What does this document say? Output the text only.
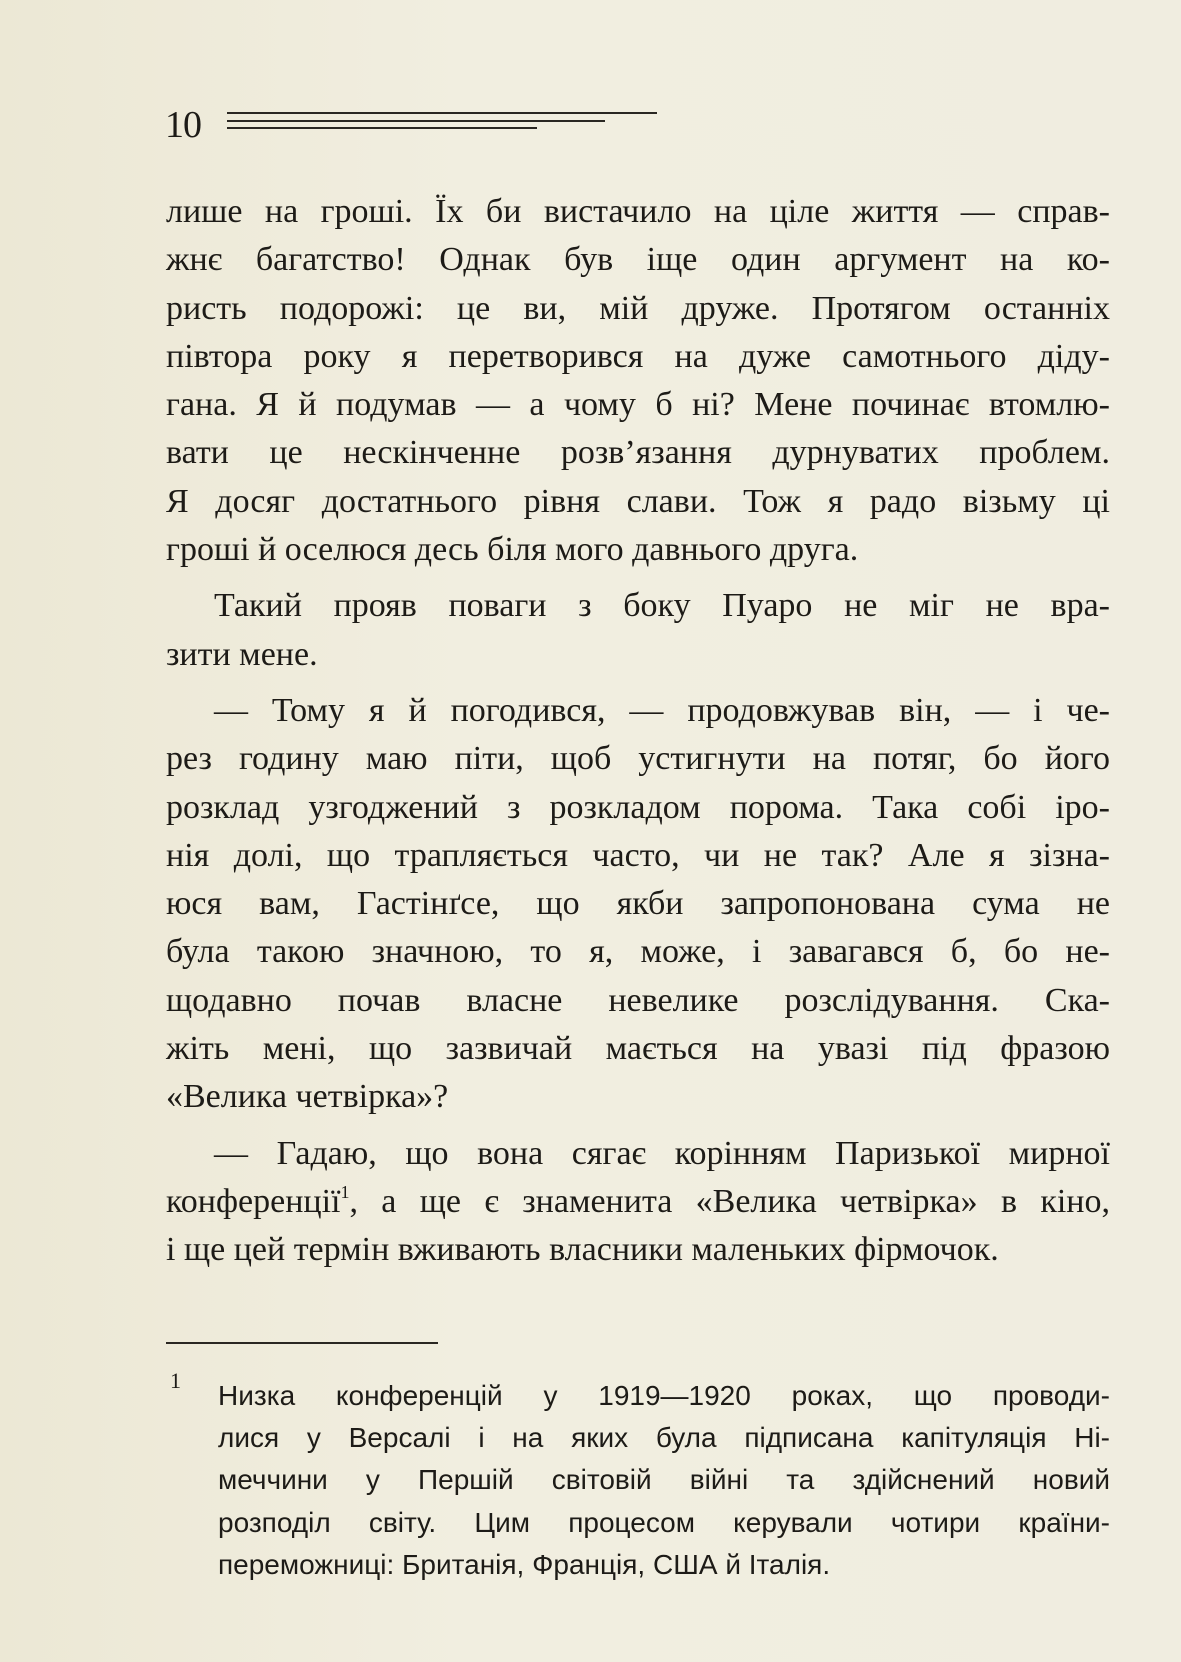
10
лише на гроші. Їх би вистачило на ціле життя — справ-
жнє багатство! Однак був іще один аргумент на ко-
ристь подорожі: це ви, мій друже. Протягом останніх
півтора року я перетворився на дуже самотнього діду-
гана. Я й подумав — а чому б ні? Мене починає втомлю-
вати це нескінченне розв’язання дурнуватих проблем.
Я досяг достатнього рівня слави. Тож я радо візьму ці
гроші й оселюся десь біля мого давнього друга.
Такий прояв поваги з боку Пуаро не міг не вра-
зити мене.
— Тому я й погодився, — продовжував він, — і че-
рез годину маю піти, щоб устигнути на потяг, бо його
розклад узгоджений з розкладом порома. Така собі іро-
нія долі, що трапляється часто, чи не так? Але я зізна-
юся вам, Гастінґсе, що якби запропонована сума не
була такою значною, то я, може, і завагався б, бо не-
щодавно почав власне невелике розслідування. Ска-
жіть мені, що зазвичай мається на увазі під фразою
«Велика четвірка»?
— Гадаю, що вона сягає корінням Паризької мирної
конференції$^1$, а ще є знаменита «Велика четвірка» в кіно,
і ще цей термін вживають власники маленьких фірмочок.
1 Низка конференцій у 1919—1920 роках, що проводи-
лися у Версалі і на яких була підписана капітуляція Ні-
меччини у Першій світовій війні та здійснений новий
розподіл світу. Цим процесом керували чотири країни-
переможниці: Британія, Франція, США й Італія.
